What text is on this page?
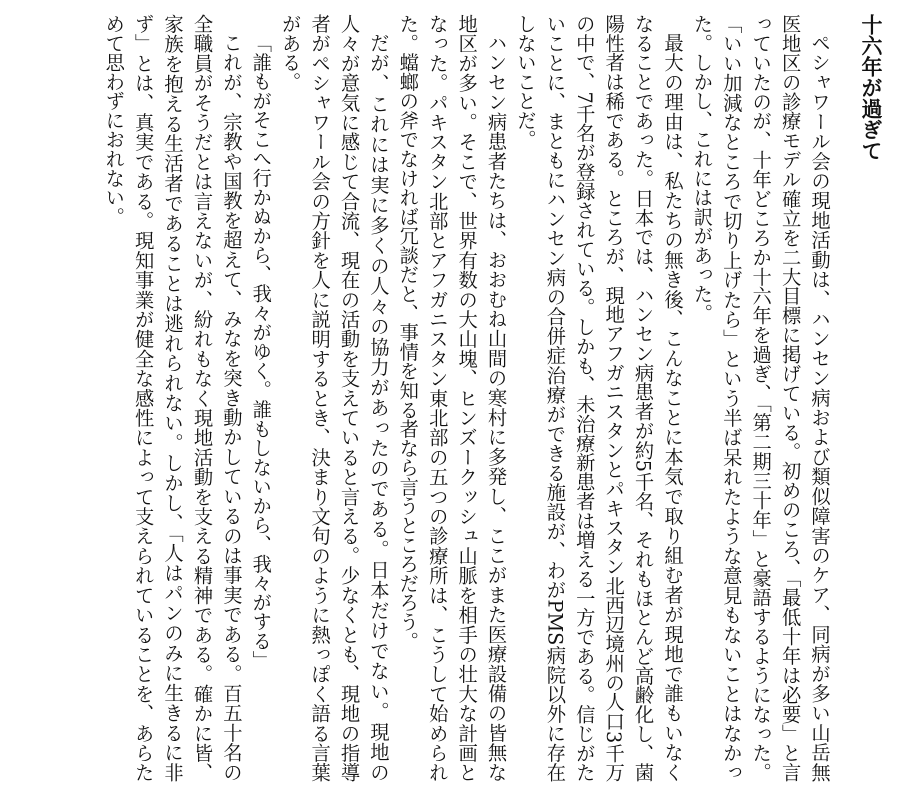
十六年が過ぎて

ペシャワール会の現地活動は、ハンセン病および類似障害のケア、同病が多い山岳無医地区の診療モデル確立を二大目標に掲げている。初めのころ、「最低十年は必要」と言っていたのが、十年どころか十六年を過ぎ、「第二期三十年」と豪語するようになった。「いい加減なところで切り上げたら」という半ば呆れたような意見もないことはなかった。しかし、これには訳があった。

最大の理由は、私たちの無き後、こんなことに本気で取り組む者が現地で誰もいなくなることであった。日本では、ハンセン病患者が約5千名、それもほとんど高齢化し、菌陽性者は稀である。ところが、現地アフガニスタンとパキスタン北西辺境州の人口3千万の中で、7千名が登録されている。しかも、未治療新患者は増える一方である。信じがたいことに、まともにハンセン病の合併症治療ができる施設が、わがPMS病院以外に存在しないことだ。

ハンセン病患者たちは、おおむね山間の寒村に多発し、ここがまた医療設備の皆無な地区が多い。そこで、世界有数の大山塊、ヒンズークッシュ山脈を相手の壮大な計画となった。パキスタン北部とアフガニスタン東北部の五つの診療所は、こうして始められた。蟷螂の斧でなければ冗談だと、事情を知る者なら言うところだろう。

だが、これには実に多くの人々の協力があったのである。日本だけでない。現地の人々が意気に感じて合流、現在の活動を支えていると言える。少なくとも、現地の指導者がペシャワール会の方針を人に説明するとき、決まり文句のように熱っぽく語る言葉がある。

「誰もがそこへ行かぬから、我々がゆく。誰もしないから、我々がする」

これが、宗教や国教を超えて、みなを突き動かしているのは事実である。百五十名の全職員がそうだとは言えないが、紛れもなく現地活動を支える精神である。確かに皆、家族を抱える生活者であることは逃れられない。しかし、「人はパンのみに生きるに非ず」とは、真実である。現知事業が健全な感性によって支えられていることを、あらためて思わずにおれない。
